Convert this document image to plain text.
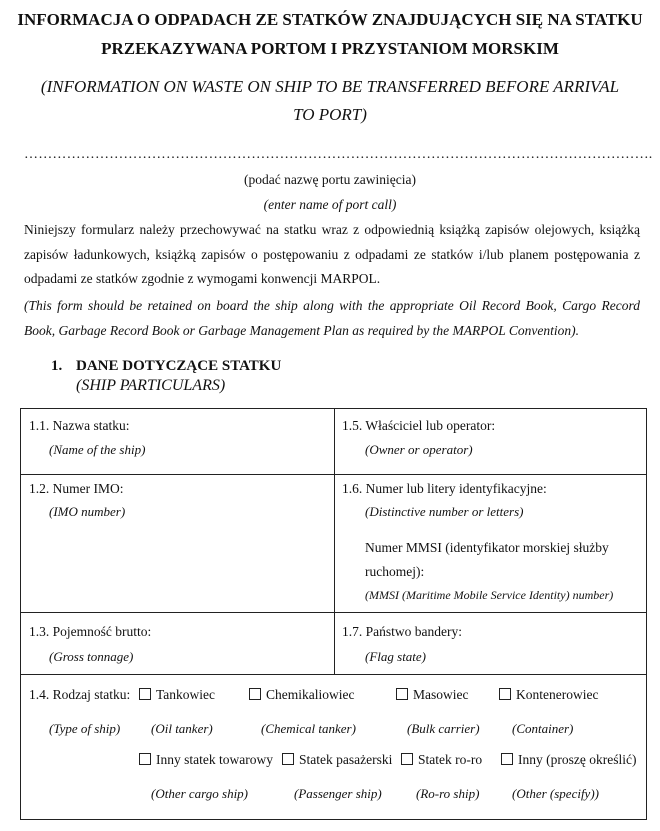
INFORMACJA O ODPADACH ZE STATKÓW ZNAJDUJĄCYCH SIĘ NA STATKU
PRZEKAZYWANA PORTOM I PRZYSTANIOM MORSKIM
(INFORMATION ON WASTE ON SHIP TO BE TRANSFERRED BEFORE ARRIVAL
TO PORT)
…………………………………………………………………………………………………………………….
(podać nazwę portu zawinięcia)
(enter name of port call)
Niniejszy formularz należy przechowywać na statku wraz z odpowiednią książką zapisów olejowych, książką zapisów ładunkowych, książką zapisów o postępowaniu z odpadami ze statków i/lub planem postępowania z odpadami ze statków zgodnie z wymogami konwencji MARPOL.
(This form should be retained on board the ship along with the appropriate Oil Record Book, Cargo Record Book, Garbage Record Book or Garbage Management Plan as required by the MARPOL Convention).
1. DANE DOTYCZĄCE STATKU
(SHIP PARTICULARS)
1.1. Nazwa statku:
(Name of the ship)
1.5. Właściciel lub operator:
(Owner or operator)
1.2. Numer IMO:
(IMO number)
1.6. Numer lub litery identyfikacyjne:
(Distinctive number or letters)
Numer MMSI (identyfikator morskiej służby
ruchomej):
(MMSI (Maritime Mobile Service Identity) number)
1.3. Pojemność brutto:
(Gross tonnage)
1.7. Państwo bandery:
(Flag state)
1.4. Rodzaj statku:
(Type of ship)
Tankowiec
(Oil tanker)
Chemikaliowiec
(Chemical tanker)
Masowiec
(Bulk carrier)
Kontenerowiec
(Container)
Inny statek towarowy
(Other cargo ship)
Statek pasażerski
(Passenger ship)
Statek ro-ro
(Ro-ro ship)
Inny (proszę określić)
(Other (specify))
